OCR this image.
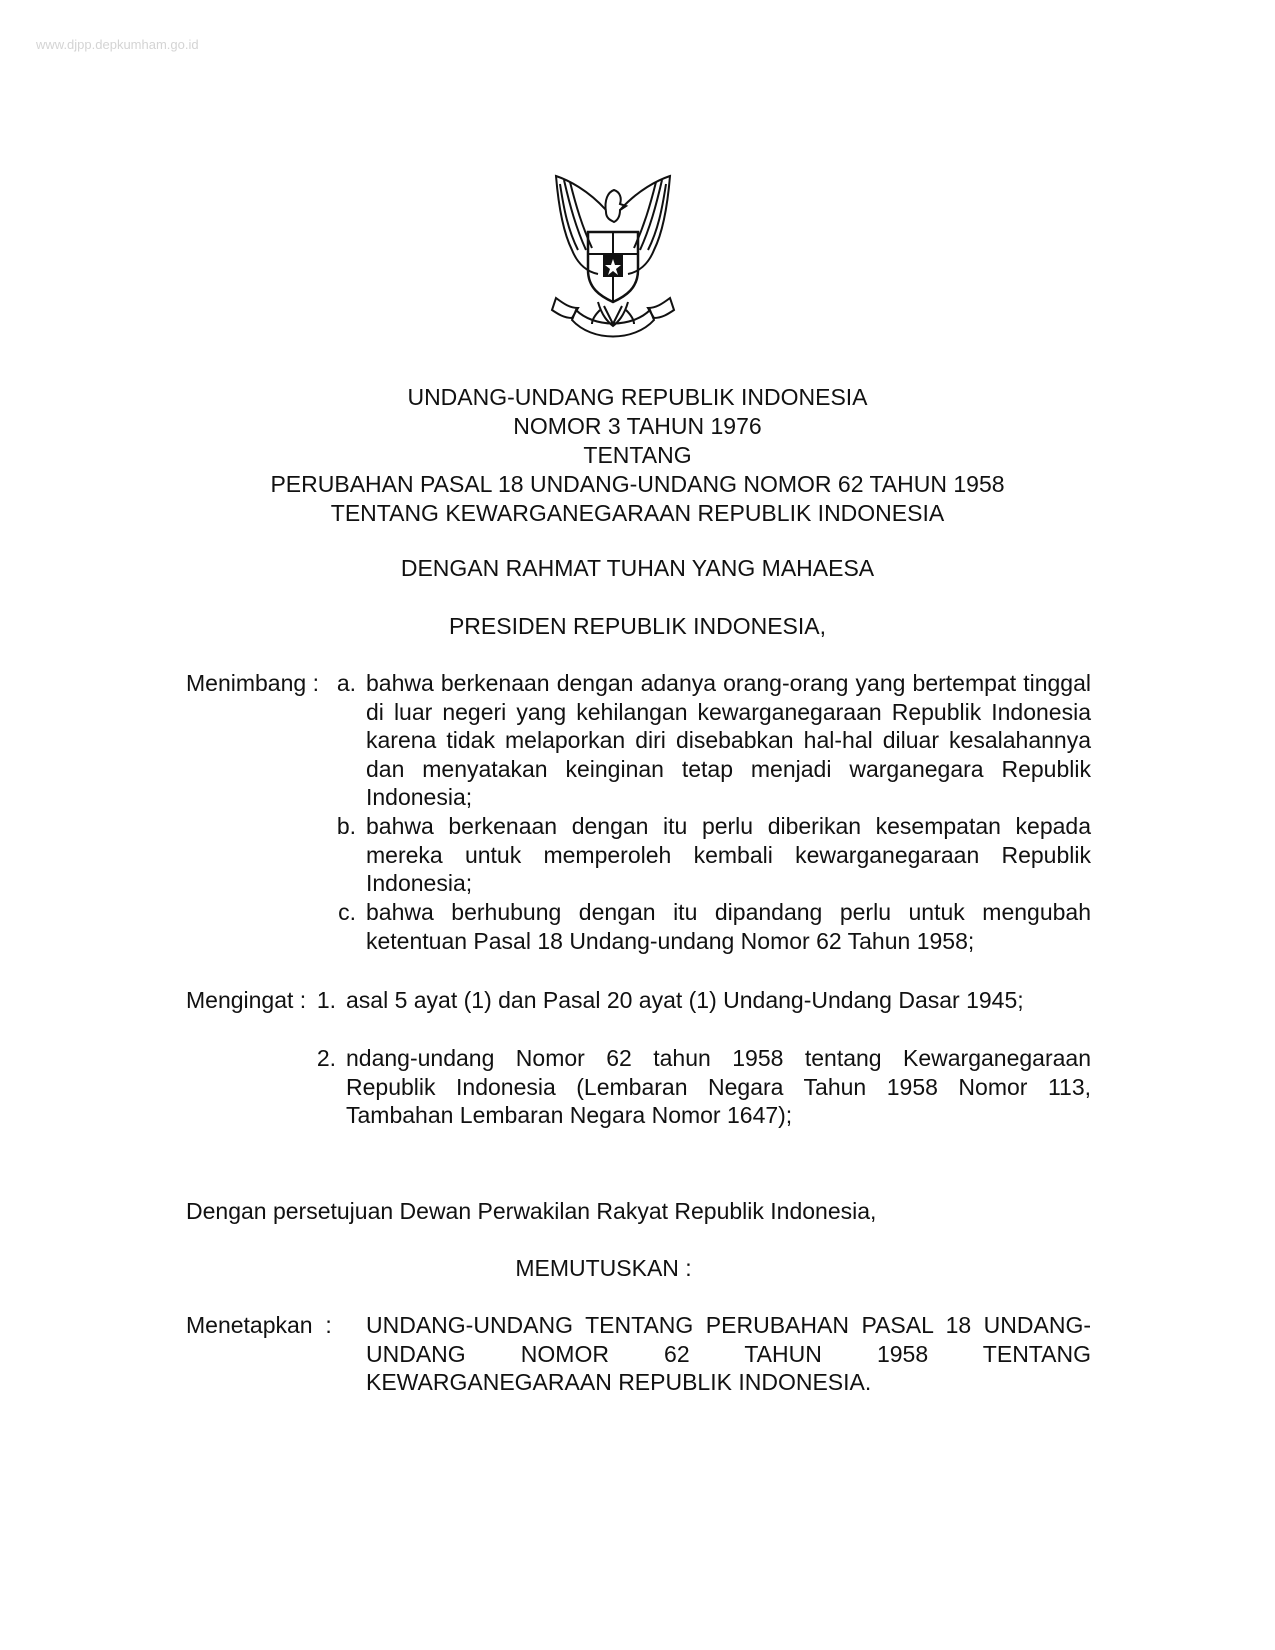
www.djpp.depkumham.go.id
UNDANG-UNDANG REPUBLIK INDONESIA
NOMOR 3 TAHUN 1976
TENTANG
PERUBAHAN PASAL 18 UNDANG-UNDANG NOMOR 62 TAHUN 1958
TENTANG KEWARGANEGARAAN REPUBLIK INDONESIA
DENGAN RAHMAT TUHAN YANG MAHAESA
PRESIDEN REPUBLIK INDONESIA,
Menimbang : a. bahwa berkenaan dengan adanya orang-orang yang bertempat tinggal di luar negeri yang kehilangan kewarganegaraan Republik Indonesia karena tidak melaporkan diri disebabkan hal-hal diluar kesalahannya dan menyatakan keinginan tetap menjadi warganegara Republik Indonesia;
b. bahwa berkenaan dengan itu perlu diberikan kesempatan kepada mereka untuk memperoleh kembali kewarganegaraan Republik Indonesia;
c. bahwa berhubung dengan itu dipandang perlu untuk mengubah ketentuan Pasal 18 Undang-undang Nomor 62 Tahun 1958;
Mengingat : 1. asal 5 ayat (1) dan Pasal 20 ayat (1) Undang-Undang Dasar 1945;
2. ndang-undang Nomor 62 tahun 1958 tentang Kewarganegaraan Republik Indonesia (Lembaran Negara Tahun 1958 Nomor 113, Tambahan Lembaran Negara Nomor 1647);
Dengan persetujuan Dewan Perwakilan Rakyat Republik Indonesia,
MEMUTUSKAN :
Menetapkan  : UNDANG-UNDANG TENTANG PERUBAHAN PASAL 18 UNDANG-UNDANG NOMOR 62 TAHUN 1958 TENTANG KEWARGANEGARAAN REPUBLIK INDONESIA.
